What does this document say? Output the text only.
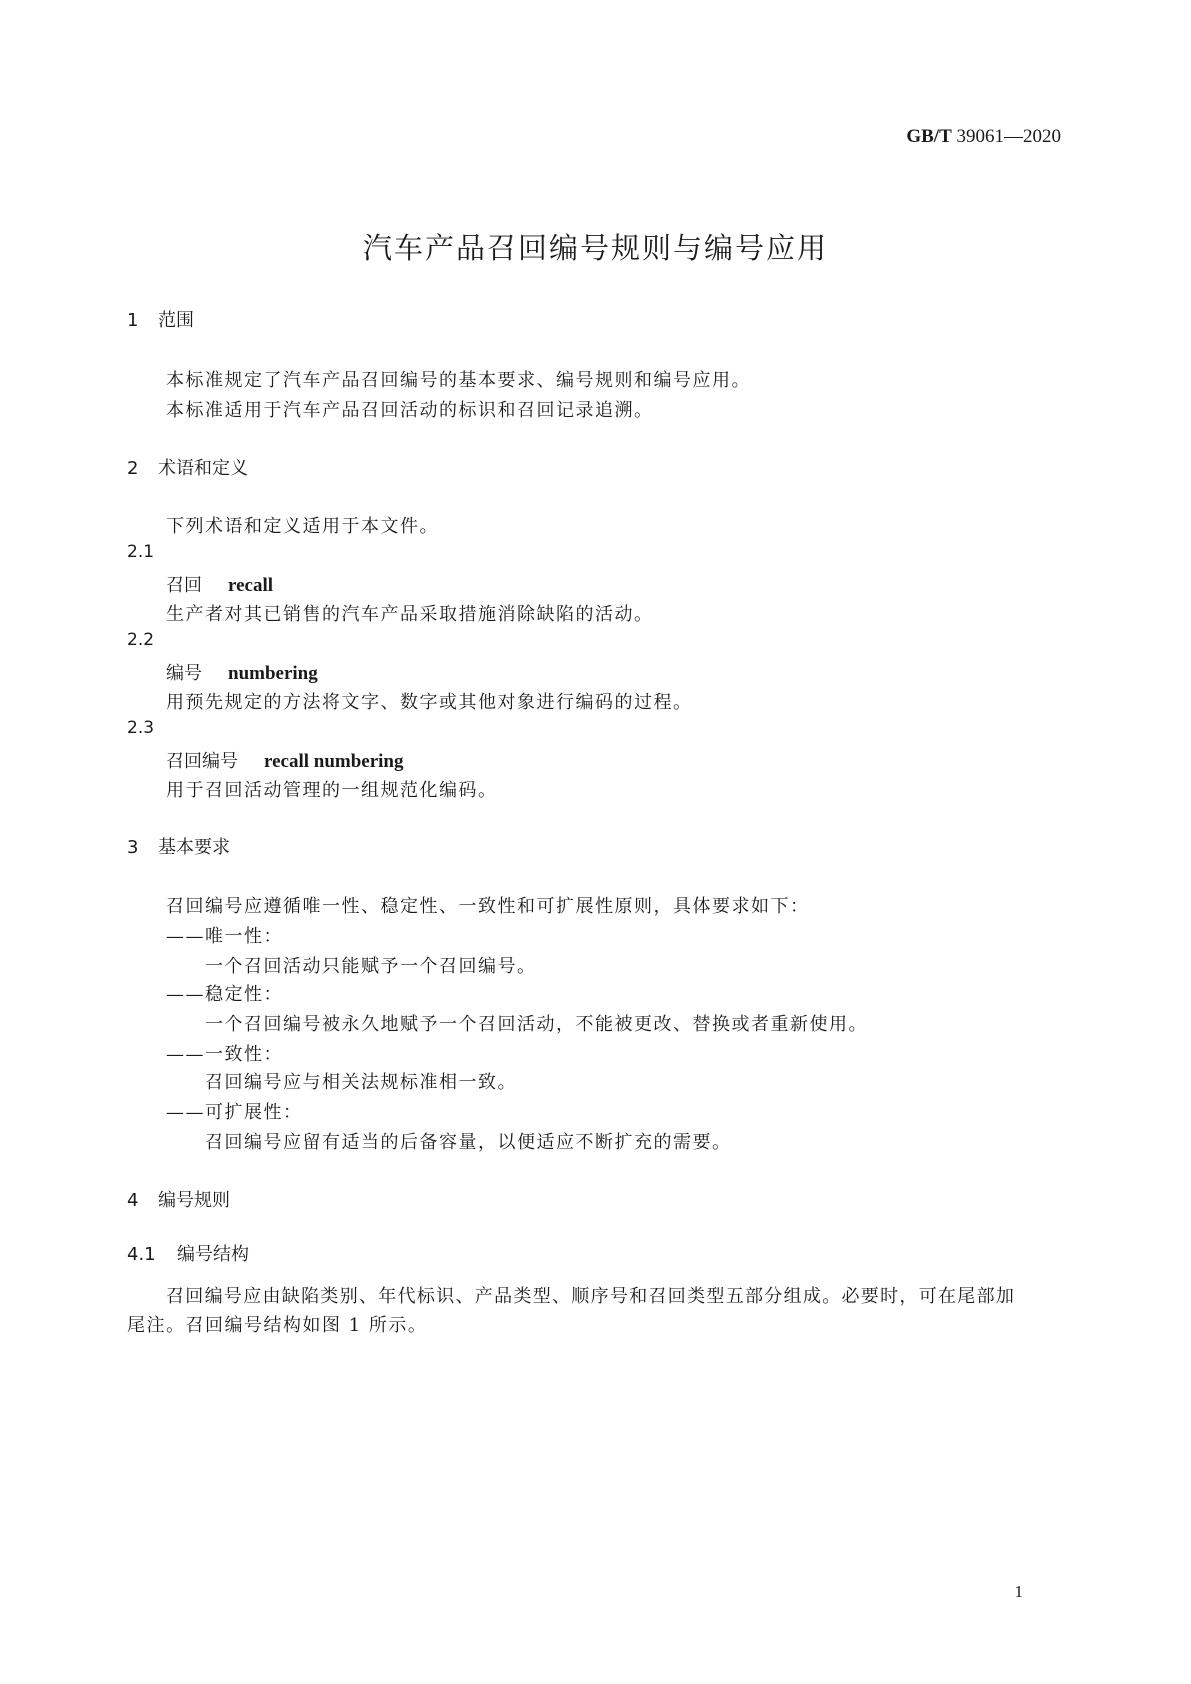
GB/T 39061—2020
汽车产品召回编号规则与编号应用
1 范围
本标准规定了汽车产品召回编号的基本要求、编号规则和编号应用。
本标准适用于汽车产品召回活动的标识和召回记录追溯。
2 术语和定义
下列术语和定义适用于本文件。
2.1
召回 recall
生产者对其已销售的汽车产品采取措施消除缺陷的活动。
2.2
编号 numbering
用预先规定的方法将文字、数字或其他对象进行编码的过程。
2.3
召回编号 recall numbering
用于召回活动管理的一组规范化编码。
3 基本要求
召回编号应遵循唯一性、稳定性、一致性和可扩展性原则，具体要求如下：
——唯一性：
一个召回活动只能赋予一个召回编号。
——稳定性：
一个召回编号被永久地赋予一个召回活动，不能被更改、替换或者重新使用。
——一致性：
召回编号应与相关法规标准相一致。
——可扩展性：
召回编号应留有适当的后备容量，以便适应不断扩充的需要。
4 编号规则
4.1 编号结构
召回编号应由缺陷类别、年代标识、产品类型、顺序号和召回类型五部分组成。必要时，可在尾部加
尾注。召回编号结构如图 1 所示。
1
